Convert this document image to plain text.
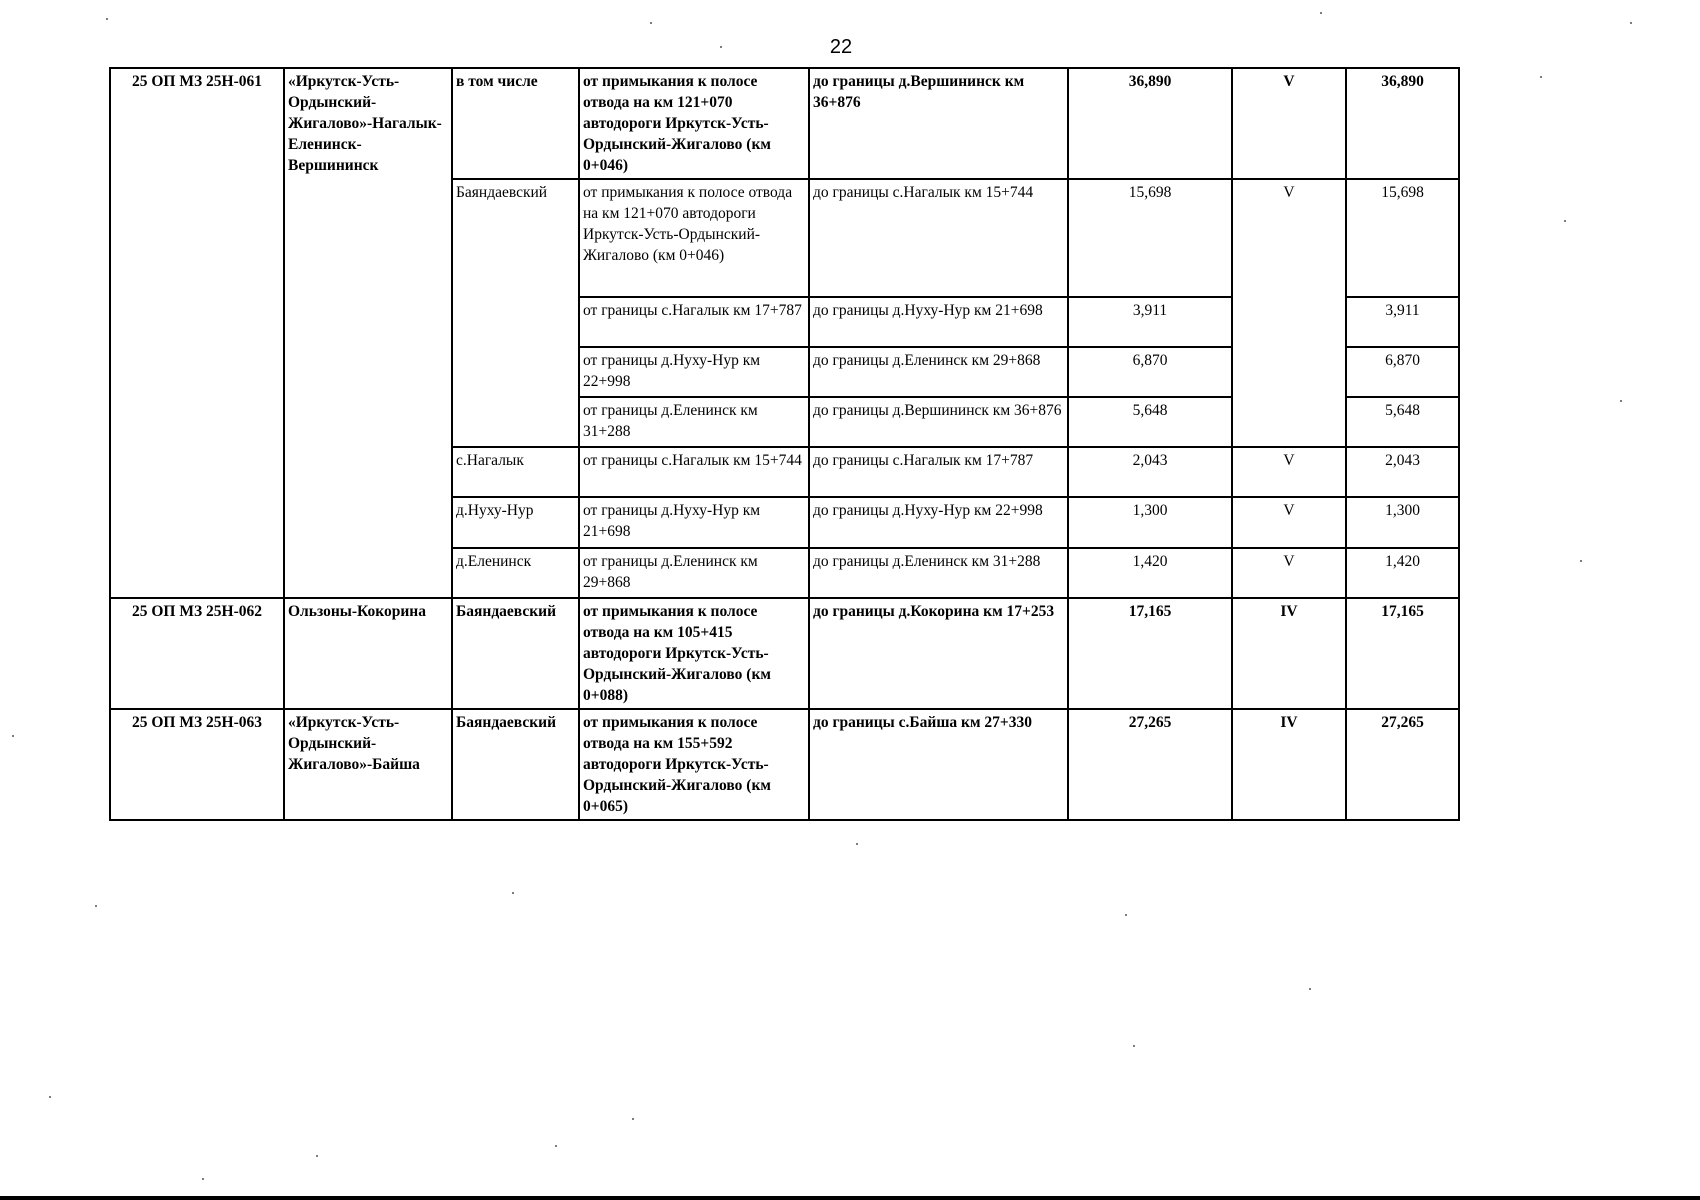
22
25 ОП МЗ 25Н-061	«Иркутск-Усть-Ордынский-Жигалово»-Нагалык-Еленинск-Вершининск	в том числе	от примыкания к полосе отвода на км 121+070 автодороги Иркутск-Усть-Ордынский-Жигалово (км 0+046)	до границы д.Вершининск км 36+876	36,890	V	36,890
		Баяндаевский	от примыкания к полосе отвода на км 121+070 автодороги Иркутск-Усть-Ордынский-Жигалово (км 0+046)	до границы с.Нагалык км 15+744	15,698	V	15,698
			от границы с.Нагалык км 17+787	до границы д.Нуху-Нур км 21+698	3,911		3,911
			от границы д.Нуху-Нур км 22+998	до границы д.Еленинск км 29+868	6,870		6,870
			от границы д.Еленинск км 31+288	до границы д.Вершининск км 36+876	5,648		5,648
		с.Нагалык	от границы с.Нагалык км 15+744	до границы с.Нагалык км 17+787	2,043	V	2,043
		д.Нуху-Нур	от границы д.Нуху-Нур км 21+698	до границы д.Нуху-Нур км 22+998	1,300	V	1,300
		д.Еленинск	от границы д.Еленинск км 29+868	до границы д.Еленинск км 31+288	1,420	V	1,420
25 ОП МЗ 25Н-062	Ользоны-Кокорина	Баяндаевский	от примыкания к полосе отвода на км 105+415 автодороги Иркутск-Усть-Ордынский-Жигалово (км 0+088)	до границы д.Кокорина км 17+253	17,165	IV	17,165
25 ОП МЗ 25Н-063	«Иркутск-Усть-Ордынский-Жигалово»-Байша	Баяндаевский	от примыкания к полосе отвода на км 155+592 автодороги Иркутск-Усть-Ордынский-Жигалово (км 0+065)	до границы с.Байша км 27+330	27,265	IV	27,265
